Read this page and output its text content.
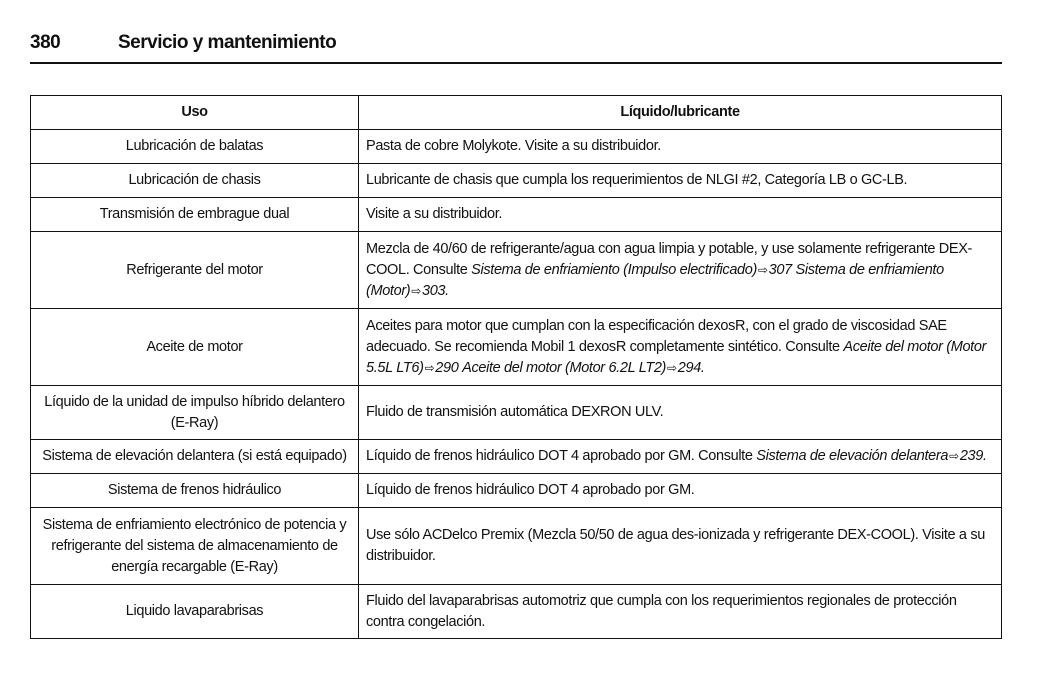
380	Servicio y mantenimiento
Uso	Líquido/lubricante
Lubricación de balatas	Pasta de cobre Molykote. Visite a su distribuidor.
Lubricación de chasis	Lubricante de chasis que cumpla los requerimientos de NLGI #2, Categoría LB o GC-LB.
Transmisión de embrague dual	Visite a su distribuidor.
Refrigerante del motor	Mezcla de 40/60 de refrigerante/agua con agua limpia y potable, y use solamente refrigerante DEX-COOL. Consulte Sistema de enfriamiento (Impulso electrificado)⇨307 Sistema de enfriamiento (Motor)⇨303.
Aceite de motor	Aceites para motor que cumplan con la especificación dexosR, con el grado de viscosidad SAE adecuado. Se recomienda Mobil 1 dexosR completamente sintético. Consulte Aceite del motor (Motor 5.5L LT6)⇨290 Aceite del motor (Motor 6.2L LT2)⇨294.
Líquido de la unidad de impulso híbrido delantero (E-Ray)	Fluido de transmisión automática DEXRON ULV.
Sistema de elevación delantera (si está equipado)	Líquido de frenos hidráulico DOT 4 aprobado por GM. Consulte Sistema de elevación delantera⇨239.
Sistema de frenos hidráulico	Líquido de frenos hidráulico DOT 4 aprobado por GM.
Sistema de enfriamiento electrónico de potencia y refrigerante del sistema de almacenamiento de energía recargable (E-Ray)	Use sólo ACDelco Premix (Mezcla 50/50 de agua des-ionizada y refrigerante DEX-COOL). Visite a su distribuidor.
Liquido lavaparabrisas	Fluido del lavaparabrisas automotriz que cumpla con los requerimientos regionales de protección contra congelación.
